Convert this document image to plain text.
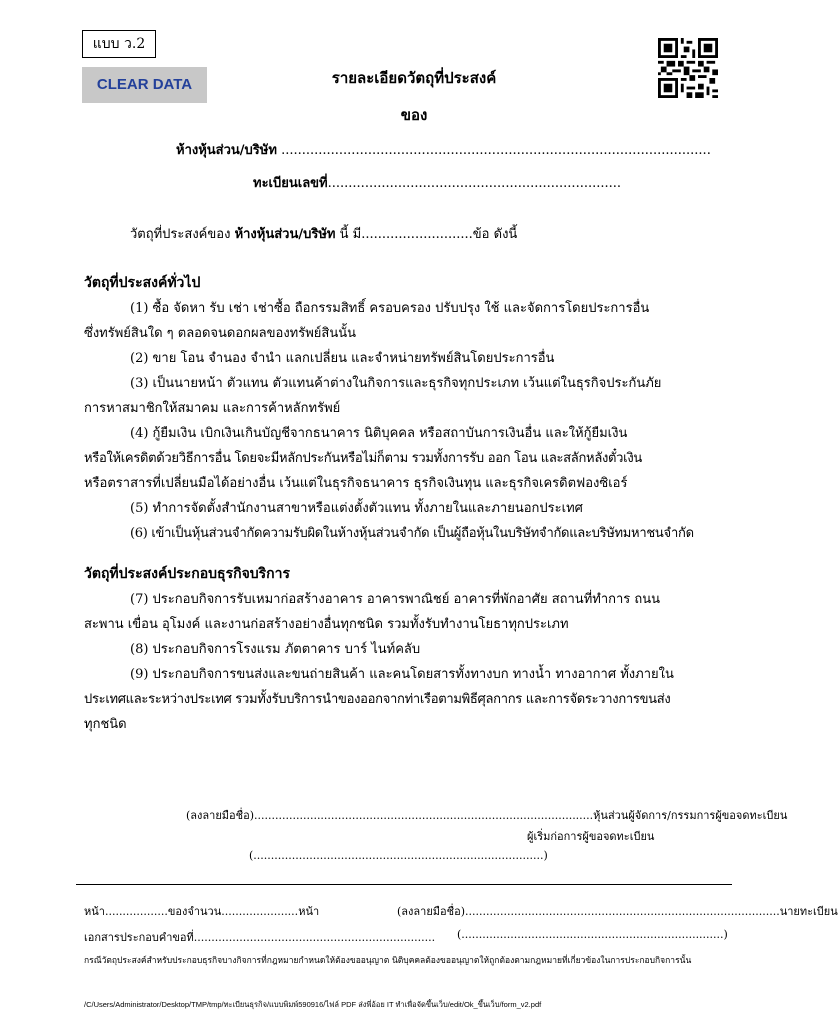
แบบ ว.2
CLEAR DATA	รายละเอียดวัตถุที่ประสงค์
ของ
ห้างหุ้นส่วน/บริษัท ........................................................................................................
ทะเบียนเลขที่.......................................................................
วัตถุที่ประสงค์ของ ห้างหุ้นส่วน/บริษัท นี้ มี...........................ข้อ ดังนี้
วัตถุที่ประสงค์ทั่วไป
(1) ซื้อ จัดหา รับ เช่า เช่าซื้อ ถือกรรมสิทธิ์ ครอบครอง ปรับปรุง ใช้ และจัดการโดยประการอื่น
ซึ่งทรัพย์สินใด ๆ ตลอดจนดอกผลของทรัพย์สินนั้น
(2) ขาย โอน จำนอง จำนำ แลกเปลี่ยน และจำหน่ายทรัพย์สินโดยประการอื่น
(3) เป็นนายหน้า ตัวแทน ตัวแทนค้าต่างในกิจการและธุรกิจทุกประเภท เว้นแต่ในธุรกิจประกันภัย
การหาสมาชิกให้สมาคม และการค้าหลักทรัพย์
(4) กู้ยืมเงิน เบิกเงินเกินบัญชีจากธนาคาร นิติบุคคล หรือสถาบันการเงินอื่น และให้กู้ยืมเงิน
หรือให้เครดิตด้วยวิธีการอื่น โดยจะมีหลักประกันหรือไม่ก็ตาม รวมทั้งการรับ ออก โอน และสลักหลังตั๋วเงิน
หรือตราสารที่เปลี่ยนมือได้อย่างอื่น เว้นแต่ในธุรกิจธนาคาร ธุรกิจเงินทุน และธุรกิจเครดิตฟองซิเอร์
(5) ทำการจัดตั้งสำนักงานสาขาหรือแต่งตั้งตัวแทน ทั้งภายในและภายนอกประเทศ
(6) เข้าเป็นหุ้นส่วนจำกัดความรับผิดในห้างหุ้นส่วนจำกัด เป็นผู้ถือหุ้นในบริษัทจำกัดและบริษัทมหาชนจำกัด
วัตถุที่ประสงค์ประกอบธุรกิจบริการ
(7) ประกอบกิจการรับเหมาก่อสร้างอาคาร อาคารพาณิชย์ อาคารที่พักอาศัย สถานที่ทำการ ถนน
สะพาน เขื่อน อุโมงค์ และงานก่อสร้างอย่างอื่นทุกชนิด รวมทั้งรับทำงานโยธาทุกประเภท
(8) ประกอบกิจการโรงแรม ภัตตาคาร บาร์ ไนท์คลับ
(9) ประกอบกิจการขนส่งและขนถ่ายสินค้า และคนโดยสารทั้งทางบก ทางน้ำ ทางอากาศ ทั้งภายใน
ประเทศและระหว่างประเทศ รวมทั้งรับบริการนำของออกจากท่าเรือตามพิธีศุลกากร และการจัดระวางการขนส่ง
ทุกชนิด
(ลงลายมือชื่อ).................................................................................................หุ้นส่วนผู้จัดการ/กรรมการผู้ขอจดทะเบียน
ผู้เริ่มก่อการผู้ขอจดทะเบียน
(...................................................................................)
หน้า..................ของจำนวน......................หน้า	(ลงลายมือชื่อ)..........................................................................................นายทะเบียน
เอกสารประกอบคำขอที่..................................................................... (...........................................................................)
กรณีวัตถุประสงค์สำหรับประกอบธุรกิจบางกิจการที่กฎหมายกำหนดให้ต้องขออนุญาต นิติบุคคลต้องขออนุญาตให้ถูกต้องตามกฎหมายที่เกี่ยวข้องในการประกอบกิจการนั้น
/C/Users/Administrator/Desktop/TMP/tmp/ทะเบียนธุรกิจ/แบบพิมพ์590916/ไฟล์ PDF ส่งพี่อ้อย IT ทำเพื่อจัดขึ้นเว็บ/edit/Ok_ขึ้นเว็บ/form_v2.pdf
